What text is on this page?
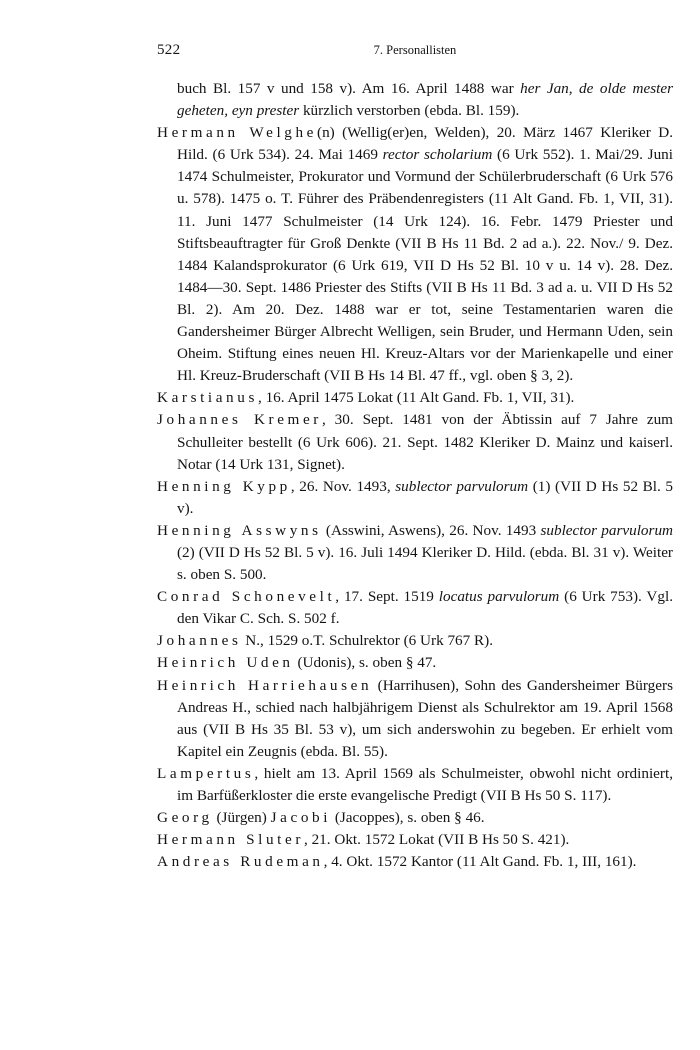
522	7. Personallisten

buch Bl. 157 v und 158 v). Am 16. April 1488 war her Jan, de olde mester geheten, eyn prester kürzlich verstorben (ebda. Bl. 159).

Hermann Welghe(n) (Wellig(er)en, Welden), 20. März 1467 Kleriker D. Hild. (6 Urk 534). 24. Mai 1469 rector scholarium (6 Urk 552). 1. Mai/29. Juni 1474 Schulmeister, Prokurator und Vormund der Schülerbruderschaft (6 Urk 576 u. 578). 1475 o. T. Führer des Präbendenregisters (11 Alt Gand. Fb. 1, VII, 31). 11. Juni 1477 Schulmeister (14 Urk 124). 16. Febr. 1479 Priester und Stiftsbeauftragter für Groß Denkte (VII B Hs 11 Bd. 2 ad a.). 22. Nov./ 9. Dez. 1484 Kalandsprokurator (6 Urk 619, VII D Hs 52 Bl. 10 v u. 14 v). 28. Dez. 1484—30. Sept. 1486 Priester des Stifts (VII B Hs 11 Bd. 3 ad a. u. VII D Hs 52 Bl. 2). Am 20. Dez. 1488 war er tot, seine Testamentarien waren die Gandersheimer Bürger Albrecht Welligen, sein Bruder, und Hermann Uden, sein Oheim. Stiftung eines neuen Hl. Kreuz-Altars vor der Marienkapelle und einer Hl. Kreuz-Bruderschaft (VII B Hs 14 Bl. 47 ff., vgl. oben § 3, 2).

Karstianus, 16. April 1475 Lokat (11 Alt Gand. Fb. 1, VII, 31).

Johannes Kremer, 30. Sept. 1481 von der Äbtissin auf 7 Jahre zum Schulleiter bestellt (6 Urk 606). 21. Sept. 1482 Kleriker D. Mainz und kaiserl. Notar (14 Urk 131, Signet).

Henning Kypp, 26. Nov. 1493, sublector parvulorum (1) (VII D Hs 52 Bl. 5 v).

Henning Asswyns (Asswini, Aswens), 26. Nov. 1493 sublector parvulorum (2) (VII D Hs 52 Bl. 5 v). 16. Juli 1494 Kleriker D. Hild. (ebda. Bl. 31 v). Weiter s. oben S. 500.

Conrad Schonevelt, 17. Sept. 1519 locatus parvulorum (6 Urk 753). Vgl. den Vikar C. Sch. S. 502 f.

Johannes N., 1529 o.T. Schulrektor (6 Urk 767 R).

Heinrich Uden (Udonis), s. oben § 47.

Heinrich Harriehausen (Harrihusen), Sohn des Gandersheimer Bürgers Andreas H., schied nach halbjährigem Dienst als Schulrektor am 19. April 1568 aus (VII B Hs 35 Bl. 53 v), um sich anderswohin zu begeben. Er erhielt vom Kapitel ein Zeugnis (ebda. Bl. 55).

Lampertus, hielt am 13. April 1569 als Schulmeister, obwohl nicht ordiniert, im Barfüßerkloster die erste evangelische Predigt (VII B Hs 50 S. 117).

Georg (Jürgen) Jacobi (Jacoppes), s. oben § 46.

Hermann Sluter, 21. Okt. 1572 Lokat (VII B Hs 50 S. 421).

Andreas Rudeman, 4. Okt. 1572 Kantor (11 Alt Gand. Fb. 1, III, 161).
